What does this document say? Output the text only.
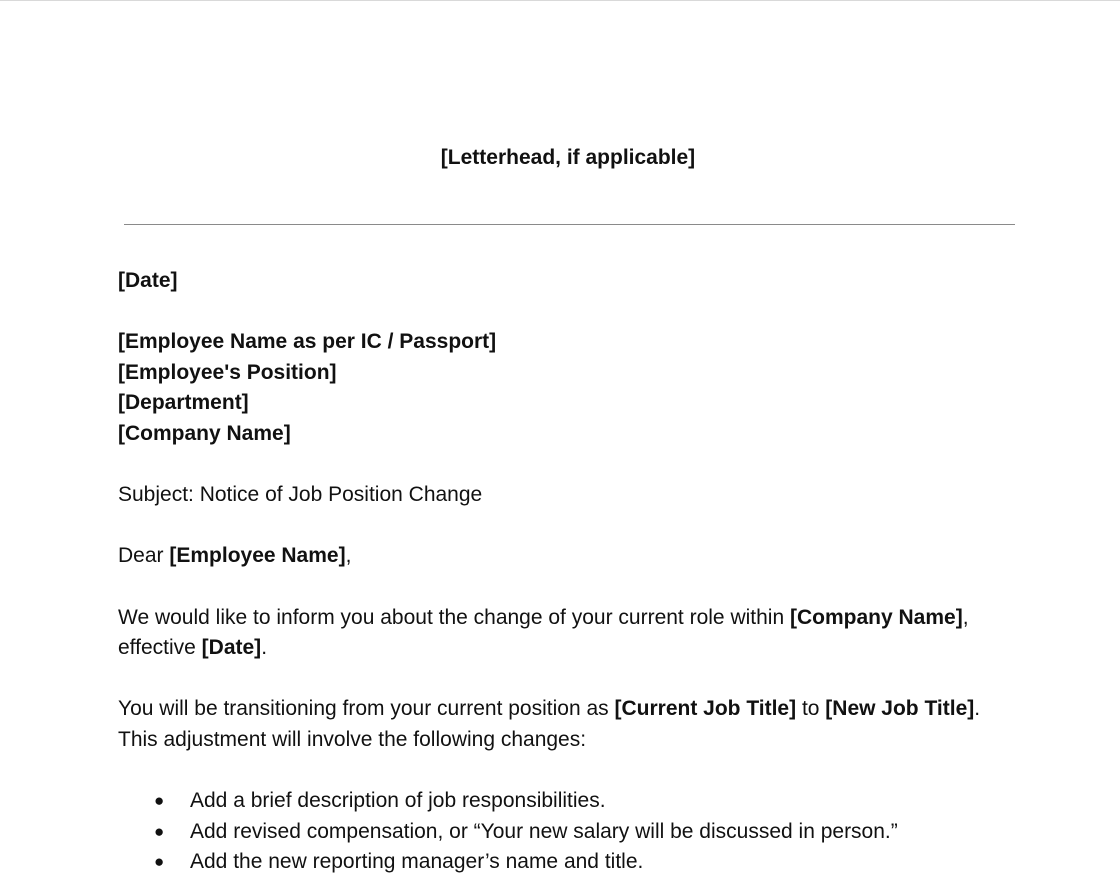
[Letterhead, if applicable]

[Date]

[Employee Name as per IC / Passport]

[Employee's Position]

[Department]

[Company Name]

Subject: Notice of Job Position Change

Dear [Employee Name],

We would like to inform you about the change of your current role within [Company Name], effective [Date].

You will be transitioning from your current position as [Current Job Title] to [New Job Title]. This adjustment will involve the following changes:

● Add a brief description of job responsibilities.
● Add revised compensation, or “Your new salary will be discussed in person.”
● Add the new reporting manager’s name and title.
